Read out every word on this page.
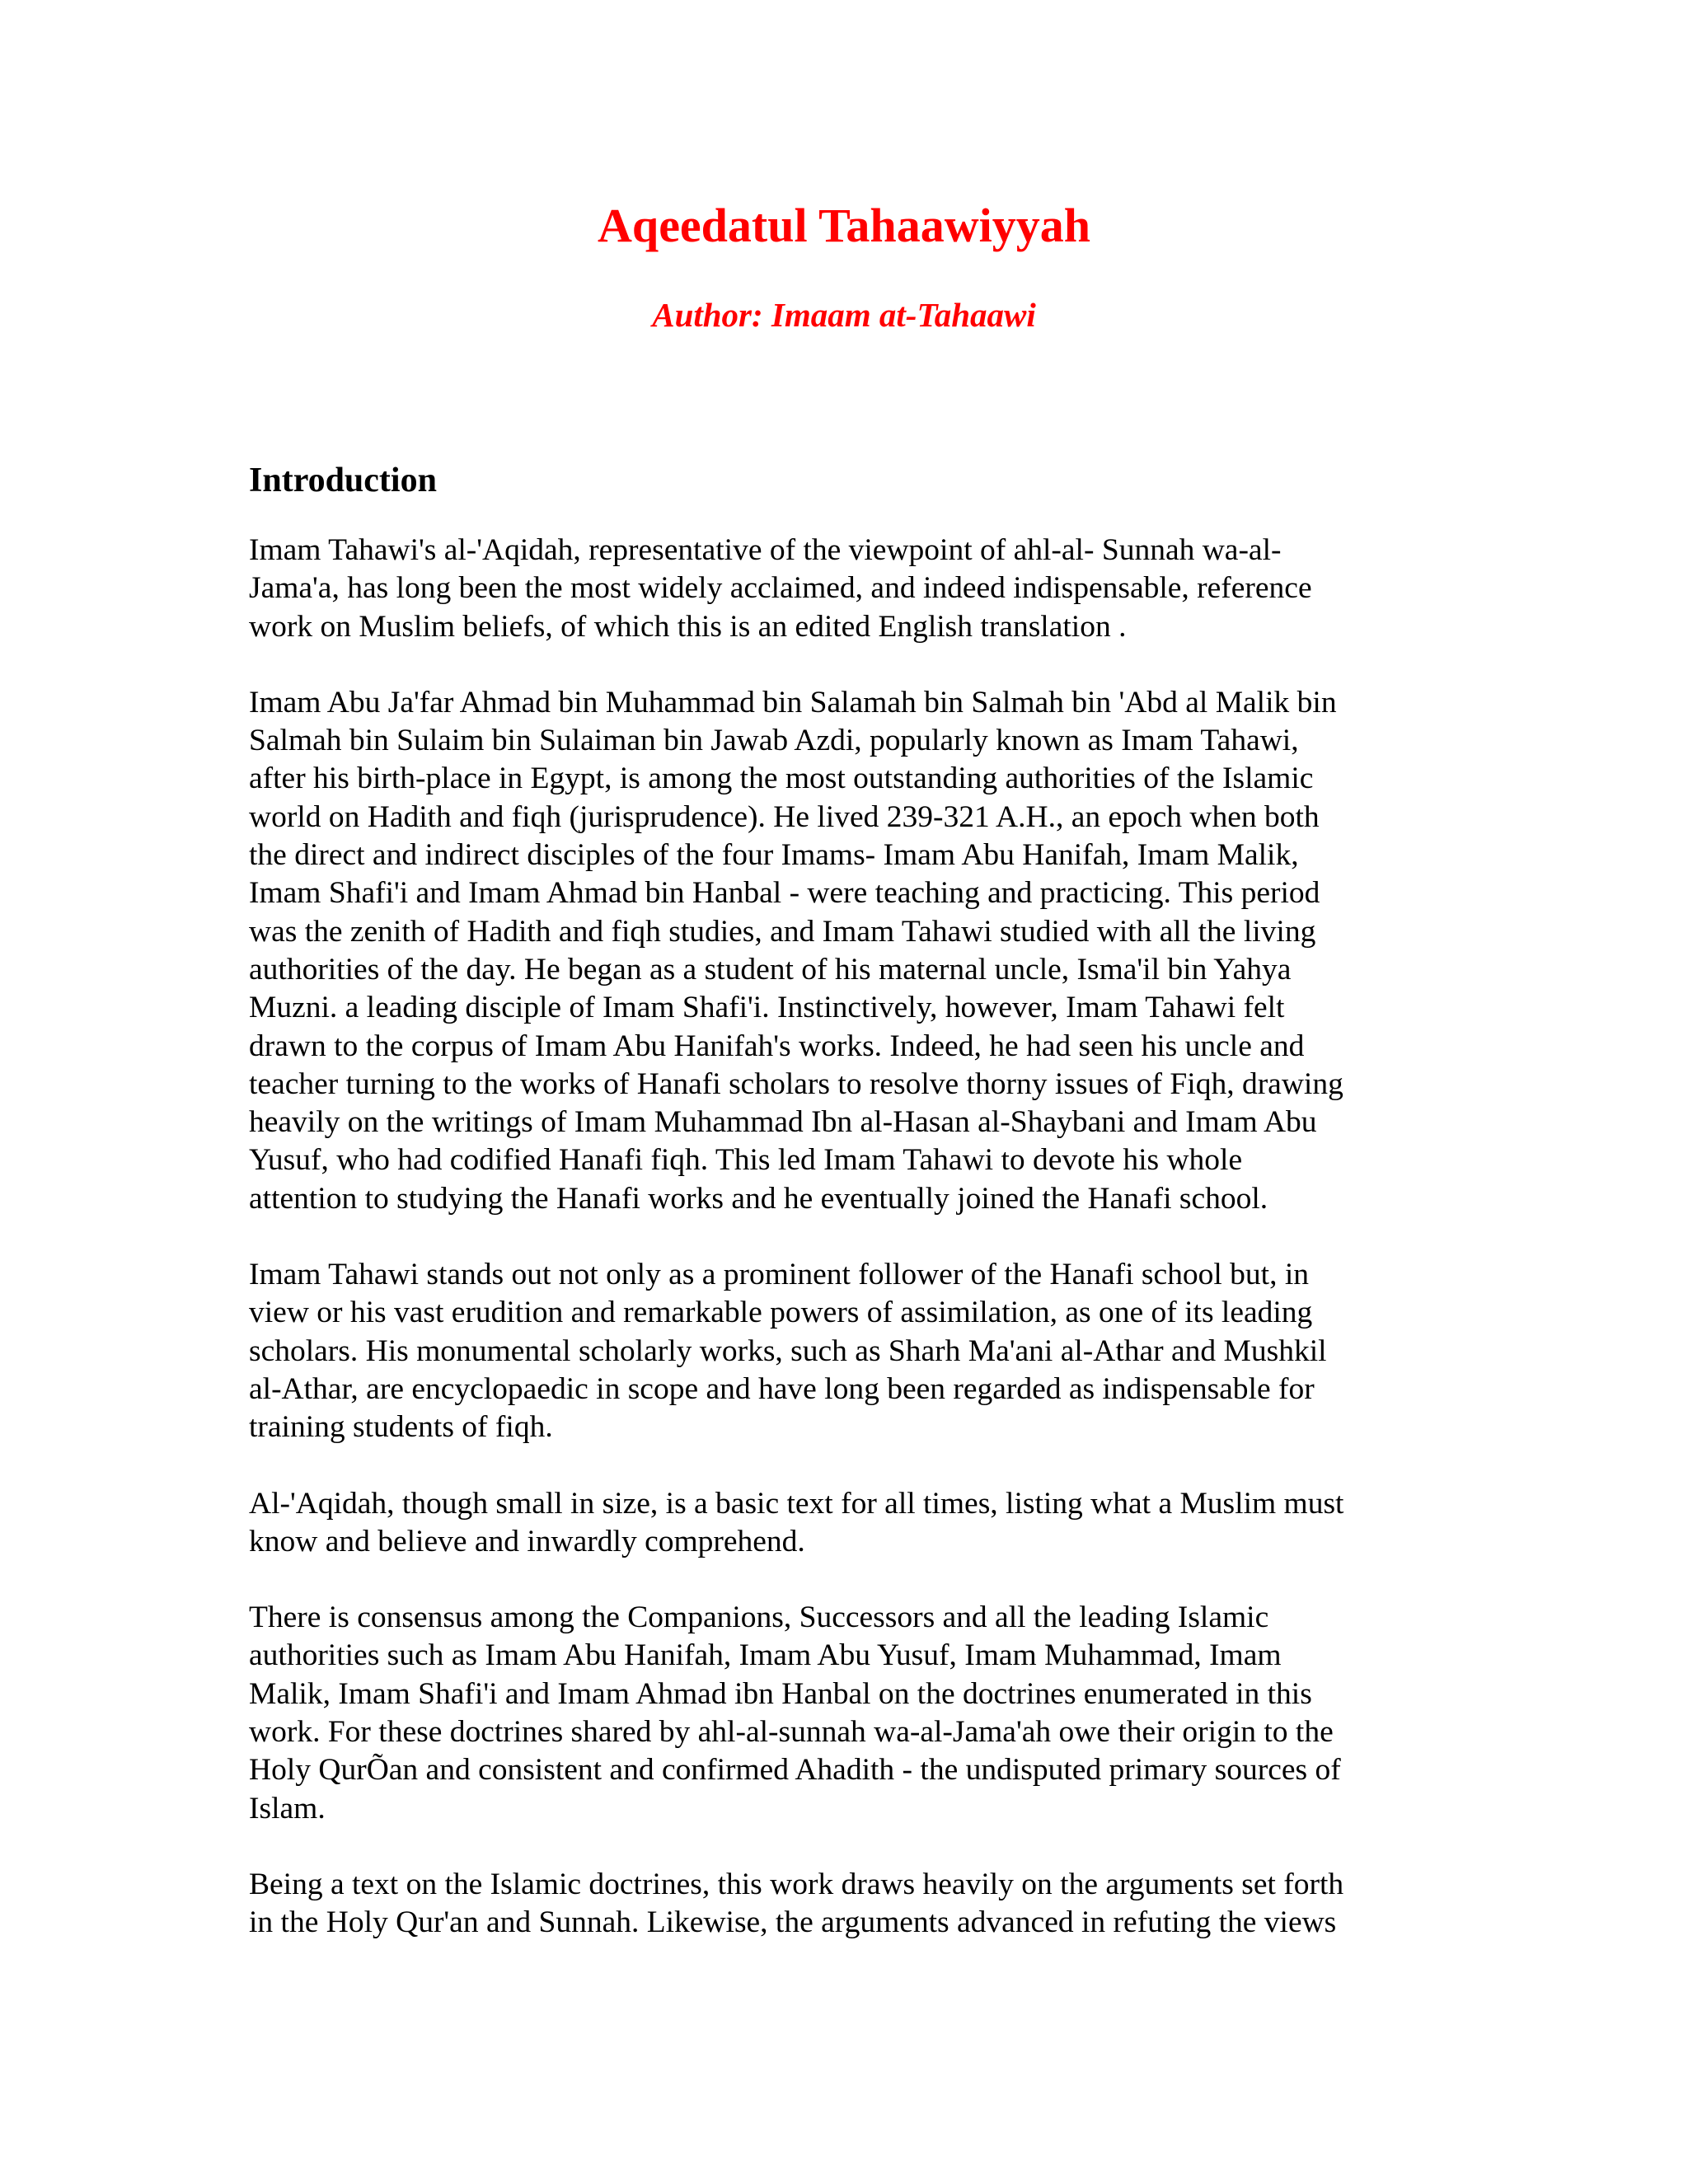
Aqeedatul Tahaawiyyah
Author: Imaam at-Tahaawi
Introduction

Imam Tahawi's al-'Aqidah, representative of the viewpoint of ahl-al- Sunnah wa-al-
Jama'a, has long been the most widely acclaimed, and indeed indispensable, reference
work on Muslim beliefs, of which this is an edited English translation .

Imam Abu Ja'far Ahmad bin Muhammad bin Salamah bin Salmah bin 'Abd al Malik bin
Salmah bin Sulaim bin Sulaiman bin Jawab Azdi, popularly known as Imam Tahawi,
after his birth-place in Egypt, is among the most outstanding authorities of the Islamic
world on Hadith and fiqh (jurisprudence). He lived 239-321 A.H., an epoch when both
the direct and indirect disciples of the four Imams- Imam Abu Hanifah, Imam Malik,
Imam Shafi'i and Imam Ahmad bin Hanbal - were teaching and practicing. This period
was the zenith of Hadith and fiqh studies, and Imam Tahawi studied with all the living
authorities of the day. He began as a student of his maternal uncle, Isma'il bin Yahya
Muzni. a leading disciple of Imam Shafi'i. Instinctively, however, Imam Tahawi felt
drawn to the corpus of Imam Abu Hanifah's works. Indeed, he had seen his uncle and
teacher turning to the works of Hanafi scholars to resolve thorny issues of Fiqh, drawing
heavily on the writings of Imam Muhammad Ibn al-Hasan al-Shaybani and Imam Abu
Yusuf, who had codified Hanafi fiqh. This led Imam Tahawi to devote his whole
attention to studying the Hanafi works and he eventually joined the Hanafi school.

Imam Tahawi stands out not only as a prominent follower of the Hanafi school but, in
view or his vast erudition and remarkable powers of assimilation, as one of its leading
scholars. His monumental scholarly works, such as Sharh Ma'ani al-Athar and Mushkil
al-Athar, are encyclopaedic in scope and have long been regarded as indispensable for
training students of fiqh.

Al-'Aqidah, though small in size, is a basic text for all times, listing what a Muslim must
know and believe and inwardly comprehend.

There is consensus among the Companions, Successors and all the leading Islamic
authorities such as Imam Abu Hanifah, Imam Abu Yusuf, Imam Muhammad, Imam
Malik, Imam Shafi'i and Imam Ahmad ibn Hanbal on the doctrines enumerated in this
work. For these doctrines shared by ahl-al-sunnah wa-al-Jama'ah owe their origin to the
Holy QurÕan and consistent and confirmed Ahadith - the undisputed primary sources of
Islam.

Being a text on the Islamic doctrines, this work draws heavily on the arguments set forth
in the Holy Qur'an and Sunnah. Likewise, the arguments advanced in refuting the views
